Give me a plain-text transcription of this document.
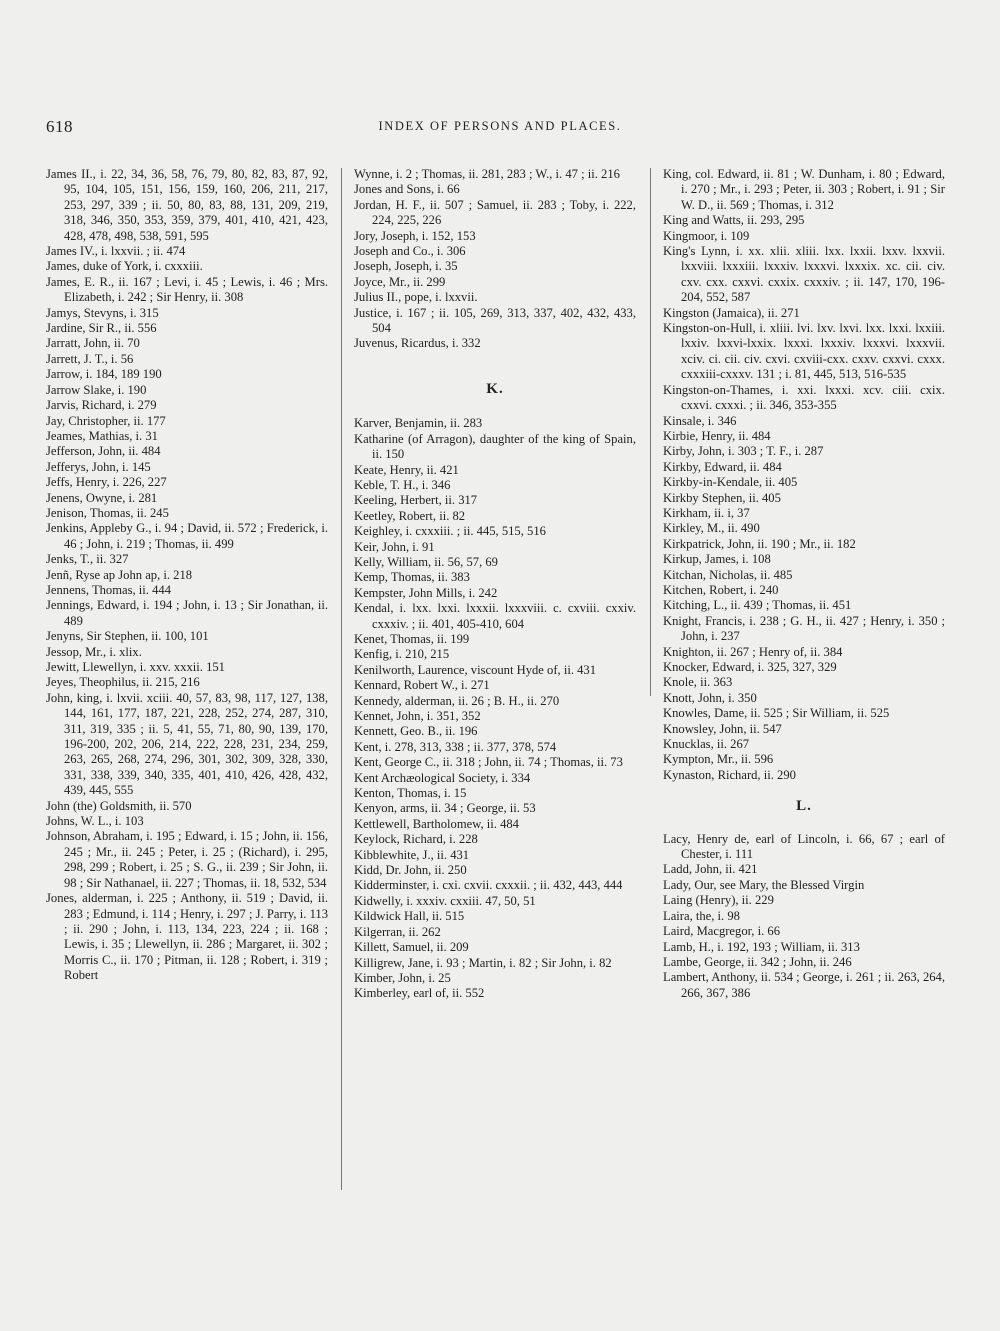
618	INDEX OF PERSONS AND PLACES.
James II., i. 22, 34, 36, 58, 76, 79, 80, 82, 83, 87, 92, 95, 104, 105, 151, 156, 159, 160, 206, 211, 217, 253, 297, 339 ; ii. 50, 80, 83, 88, 131, 209, 219, 318, 346, 350, 353, 359, 379, 401, 410, 421, 423, 428, 478, 498, 538, 591, 595
James IV., i. lxxvii. ; ii. 474
James, duke of York, i. cxxxiii.
James, E. R., ii. 167 ; Levi, i. 45 ; Lewis, i. 46 ; Mrs. Elizabeth, i. 242 ; Sir Henry, ii. 308
Jamys, Stevyns, i. 315
Jardine, Sir R., ii. 556
Jarratt, John, ii. 70
Jarrett, J. T., i. 56
Jarrow, i. 184, 189 190
Jarrow Slake, i. 190
Jarvis, Richard, i. 279
Jay, Christopher, ii. 177
Jeames, Mathias, i. 31
Jefferson, John, ii. 484
Jefferys, John, i. 145
Jeffs, Henry, i. 226, 227
Jenens, Owyne, i. 281
Jenison, Thomas, ii. 245
Jenkins, Appleby G., i. 94 ; David, ii. 572 ; Frederick, i. 46 ; John, i. 219 ; Thomas, ii. 499
Jenks, T., ii. 327
Jenñ, Ryse ap John ap, i. 218
Jennens, Thomas, ii. 444
Jennings, Edward, i. 194 ; John, i. 13 ; Sir Jonathan, ii. 489
Jenyns, Sir Stephen, ii. 100, 101
Jessop, Mr., i. xlix.
Jewitt, Llewellyn, i. xxv. xxxii. 151
Jeyes, Theophilus, ii. 215, 216
John, king, i. lxvii. xciii. 40, 57, 83, 98, 117, 127, 138, 144, 161, 177, 187, 221, 228, 252, 274, 287, 310, 311, 319, 335 ; ii. 5, 41, 55, 71, 80, 90, 139, 170, 196-200, 202, 206, 214, 222, 228, 231, 234, 259, 263, 265, 268, 274, 296, 301, 302, 309, 328, 330, 331, 338, 339, 340, 335, 401, 410, 426, 428, 432, 439, 445, 555
John (the) Goldsmith, ii. 570
Johns, W. L., i. 103
Johnson, Abraham, i. 195 ; Edward, i. 15 ; John, ii. 156, 245 ; Mr., ii. 245 ; Peter, i. 25 ; (Richard), i. 295, 298, 299 ; Robert, i. 25 ; S. G., ii. 239 ; Sir John, ii. 98 ; Sir Nathanael, ii. 227 ; Thomas, ii. 18, 532, 534
Jones, alderman, i. 225 ; Anthony, ii. 519 ; David, ii. 283 ; Edmund, i. 114 ; Henry, i. 297 ; J. Parry, i. 113 ; ii. 290 ; John, i. 113, 134, 223, 224 ; ii. 168 ; Lewis, i. 35 ; Llewellyn, ii. 286 ; Margaret, ii. 302 ; Morris C., ii. 170 ; Pitman, ii. 128 ; Robert, i. 319 ; Robert
Wynne, i. 2 ; Thomas, ii. 281, 283 ; W., i. 47 ; ii. 216
Jones and Sons, i. 66
Jordan, H. F., ii. 507 ; Samuel, ii. 283 ; Toby, i. 222, 224, 225, 226
Jory, Joseph, i. 152, 153
Joseph and Co., i. 306
Joseph, Joseph, i. 35
Joyce, Mr., ii. 299
Julius II., pope, i. lxxvii.
Justice, i. 167 ; ii. 105, 269, 313, 337, 402, 432, 433, 504
Juvenus, Ricardus, i. 332
K.
Karver, Benjamin, ii. 283
Katharine (of Arragon), daughter of the king of Spain, ii. 150
Keate, Henry, ii. 421
Keble, T. H., i. 346
Keeling, Herbert, ii. 317
Keetley, Robert, ii. 82
Keighley, i. cxxxiii. ; ii. 445, 515, 516
Keir, John, i. 91
Kelly, William, ii. 56, 57, 69
Kemp, Thomas, ii. 383
Kempster, John Mills, i. 242
Kendal, i. lxx. lxxi. lxxxii. lxxxviii. c. cxviii. cxxiv. cxxxiv. ; ii. 401, 405-410, 604
Kenet, Thomas, ii. 199
Kenfig, i. 210, 215
Kenilworth, Laurence, viscount Hyde of, ii. 431
Kennard, Robert W., i. 271
Kennedy, alderman, ii. 26 ; B. H., ii. 270
Kennet, John, i. 351, 352
Kennett, Geo. B., ii. 196
Kent, i. 278, 313, 338 ; ii. 377, 378, 574
Kent, George C., ii. 318 ; John, ii. 74 ; Thomas, ii. 73
Kent Archæological Society, i. 334
Kenton, Thomas, i. 15
Kenyon, arms, ii. 34 ; George, ii. 53
Kettlewell, Bartholomew, ii. 484
Keylock, Richard, i. 228
Kibblewhite, J., ii. 431
Kidd, Dr. John, ii. 250
Kidderminster, i. cxi. cxvii. cxxxii. ; ii. 432, 443, 444
Kidwelly, i. xxxiv. cxxiii. 47, 50, 51
Kildwick Hall, ii. 515
Kilgerran, ii. 262
Killett, Samuel, ii. 209
Killigrew, Jane, i. 93 ; Martin, i. 82 ; Sir John, i. 82
Kimber, John, i. 25
Kimberley, earl of, ii. 552
King, col. Edward, ii. 81 ; W. Dunham, i. 80 ; Edward, i. 270 ; Mr., i. 293 ; Peter, ii. 303 ; Robert, i. 91 ; Sir W. D., ii. 569 ; Thomas, i. 312
King and Watts, ii. 293, 295
Kingmoor, i. 109
King's Lynn, i. xx. xlii. xliii. lxx. lxxii. lxxv. lxxvii. lxxviii. lxxxiii. lxxxiv. lxxxvi. lxxxix. xc. cii. civ. cxv. cxx. cxxvi. cxxix. cxxxiv. ; ii. 147, 170, 196-204, 552, 587
Kingston (Jamaica), ii. 271
Kingston-on-Hull, i. xliii. lvi. lxv. lxvi. lxx. lxxi. lxxiii. lxxiv. lxxvi-lxxix. lxxxi. lxxxiv. lxxxvi. lxxxvii. xciv. ci. cii. civ. cxvi. cxviii-cxx. cxxv. cxxvi. cxxx. cxxxiii-cxxxv. 131 ; i. 81, 445, 513, 516-535
Kingston-on-Thames, i. xxi. lxxxi. xcv. ciii. cxix. cxxvi. cxxxi. ; ii. 346, 353-355
Kinsale, i. 346
Kirbie, Henry, ii. 484
Kirby, John, i. 303 ; T. F., i. 287
Kirkby, Edward, ii. 484
Kirkby-in-Kendale, ii. 405
Kirkby Stephen, ii. 405
Kirkham, ii. i, 37
Kirkley, M., ii. 490
Kirkpatrick, John, ii. 190 ; Mr., ii. 182
Kirkup, James, i. 108
Kitchan, Nicholas, ii. 485
Kitchen, Robert, i. 240
Kitching, L., ii. 439 ; Thomas, ii. 451
Knight, Francis, i. 238 ; G. H., ii. 427 ; Henry, i. 350 ; John, i. 237
Knighton, ii. 267 ; Henry of, ii. 384
Knocker, Edward, i. 325, 327, 329
Knole, ii. 363
Knott, John, i. 350
Knowles, Dame, ii. 525 ; Sir William, ii. 525
Knowsley, John, ii. 547
Knucklas, ii. 267
Kympton, Mr., ii. 596
Kynaston, Richard, ii. 290
L.
Lacy, Henry de, earl of Lincoln, i. 66, 67 ; earl of Chester, i. 111
Ladd, John, ii. 421
Lady, Our, see Mary, the Blessed Virgin
Laing (Henry), ii. 229
Laira, the, i. 98
Laird, Macgregor, i. 66
Lamb, H., i. 192, 193 ; William, ii. 313
Lambe, George, ii. 342 ; John, ii. 246
Lambert, Anthony, ii. 534 ; George, i. 261 ; ii. 263, 264, 266, 367, 386
